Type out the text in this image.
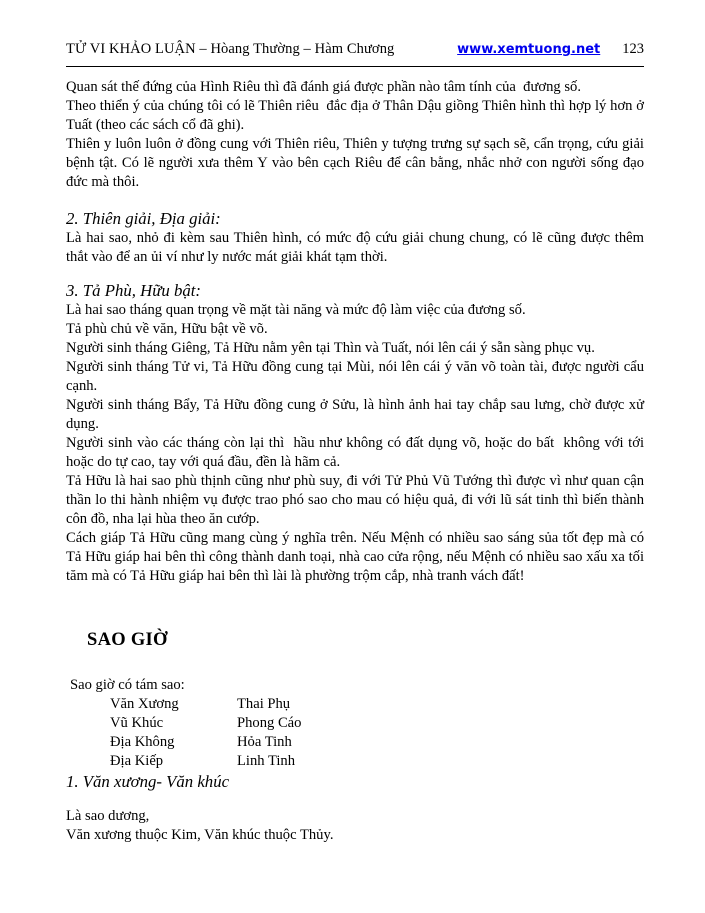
TỬ VI KHẢO LUẬN – Hòang Thường – Hàm Chương	www.xemtuong.net 123

Quan sát thế đứng của Hình Riêu thì đã đánh giá được phần nào tâm tính của  đương số.

Theo thiển ý của chúng tôi có lẽ Thiên riêu  đắc địa ở Thân Dậu giồng Thiên hình thì hợp lý hơn ở Tuất (theo các sách cổ đã ghi).

Thiên y luôn luôn ở đồng cung với Thiên riêu, Thiên y tượng trưng sự sạch sẽ, cẩn trọng, cứu giải bệnh tật. Có lẽ người xưa thêm Y vào bên cạch Riêu để cân bằng, nhắc nhở con người sống đạo đức mà thôi.

2. Thiên giải, Địa giải:

Là hai sao, nhỏ đi kèm sau Thiên hình, có mức độ cứu giải chung chung, có lẽ cũng được thêm thắt vào để an ủi ví như ly nước mát giải khát tạm thời.

3. Tả Phù, Hữu bật:

Là hai sao tháng quan trọng về mặt tài năng và mức độ làm việc của đương số.

Tả phù chủ về văn, Hữu bật về võ.

Người sinh tháng Giêng, Tả Hữu nằm yên tại Thìn và Tuất, nói lên cái ý sẵn sàng phục vụ.

Người sinh tháng Tử vi, Tả Hữu đồng cung tại Mùi, nói lên cái ý văn võ toàn tài, được người cẩu cạnh.

Người sinh tháng Bẩy, Tả Hữu đồng cung ở Sửu, là hình ảnh hai tay chắp sau lưng, chờ được xử dụng.

Người sinh vào các tháng còn lại thì  hầu như không có đất dụng võ, hoặc do bất  không với tới hoặc do tự cao, tay với quá đầu, đền là hãm cả.

Tả Hữu là hai sao phù thịnh cũng như phù suy, đi với Tử Phủ Vũ Tướng thì được vì như quan cận thần lo thi hành nhiệm vụ được trao phó sao cho mau có hiệu quả, đi với lũ sát tinh thì biến thành côn đồ, nha lại hùa theo ăn cướp.

Cách giáp Tả Hữu cũng mang cùng ý nghĩa trên. Nếu Mệnh có nhiều sao sáng sủa tốt đẹp mà có Tả Hữu giáp hai bên thì công thành danh toại, nhà cao cửa rộng, nếu Mệnh có nhiều sao xấu xa tối tăm mà có Tả Hữu giáp hai bên thì lài là phường trộm cắp, nhà tranh vách đất!

SAO GIỜ

Sao giờ có tám sao:

Văn Xương	Thai Phụ
Vũ Khúc	Phong Cáo
Địa Không	Hỏa Tinh
Địa Kiếp	Linh Tinh
1. Văn xương- Văn khúc

Là sao dương,

Văn xương thuộc Kim, Văn khúc thuộc Thủy.
